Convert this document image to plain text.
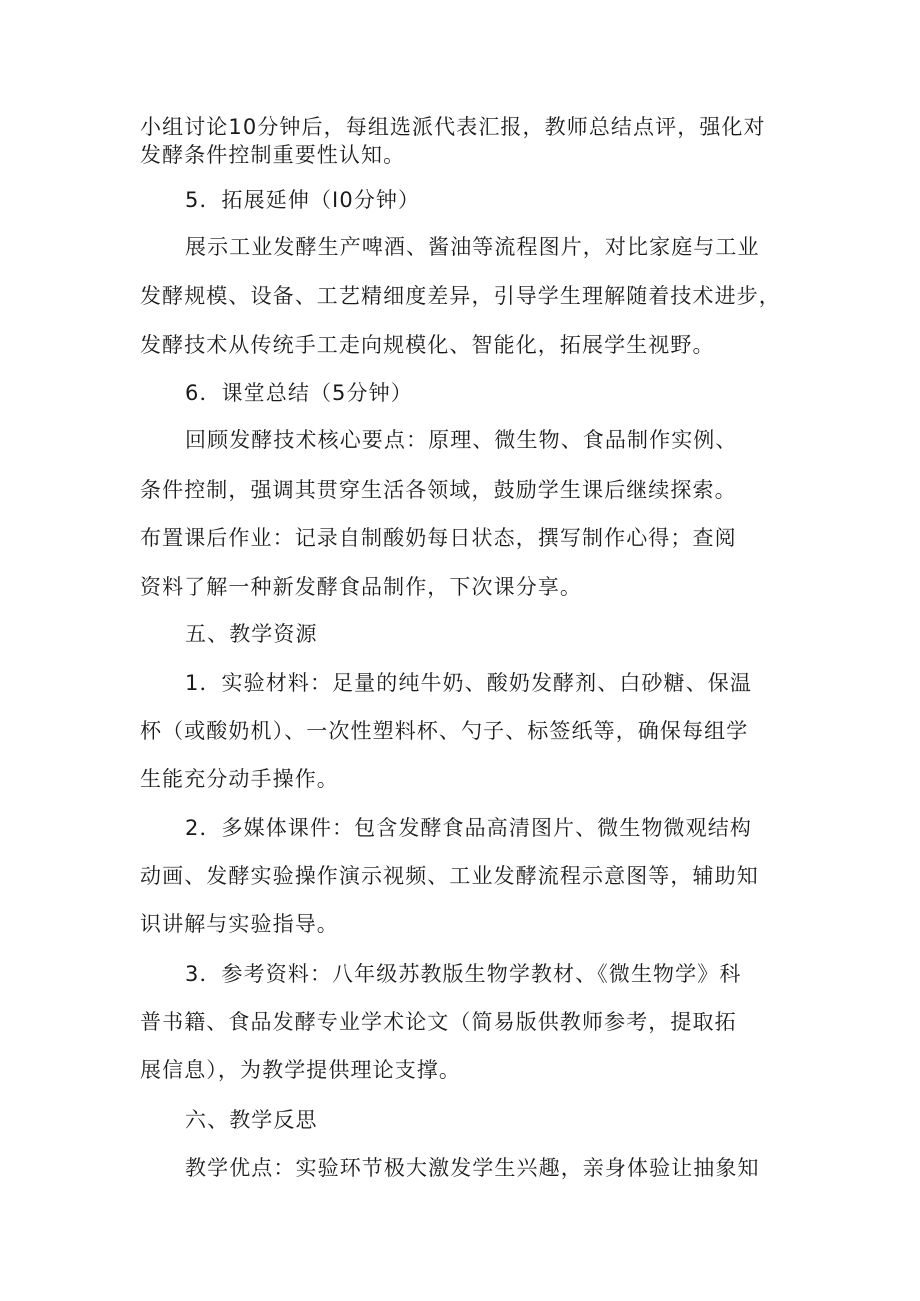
小组讨论10分钟后，每组选派代表汇报，教师总结点评，强化对
发酵条件控制重要性认知。
5．拓展延伸（I0分钟）
展示工业发酵生产啤酒、酱油等流程图片，对比家庭与工业
发酵规模、设备、工艺精细度差异，引导学生理解随着技术进步，
发酵技术从传统手工走向规模化、智能化，拓展学生视野。
6．课堂总结（5分钟）
回顾发酵技术核心要点：原理、微生物、食品制作实例、
条件控制，强调其贯穿生活各领域，鼓励学生课后继续探索。
布置课后作业：记录自制酸奶每日状态，撰写制作心得；查阅
资料了解一种新发酵食品制作，下次课分享。
五、教学资源
1．实验材料：足量的纯牛奶、酸奶发酵剂、白砂糖、保温
杯（或酸奶机）、一次性塑料杯、勺子、标签纸等，确保每组学
生能充分动手操作。
2．多媒体课件：包含发酵食品高清图片、微生物微观结构
动画、发酵实验操作演示视频、工业发酵流程示意图等，辅助知
识讲解与实验指导。
3．参考资料：八年级苏教版生物学教材、《微生物学》科
普书籍、食品发酵专业学术论文（简易版供教师参考，提取拓
展信息），为教学提供理论支撑。
六、教学反思
教学优点：实验环节极大激发学生兴趣，亲身体验让抽象知
